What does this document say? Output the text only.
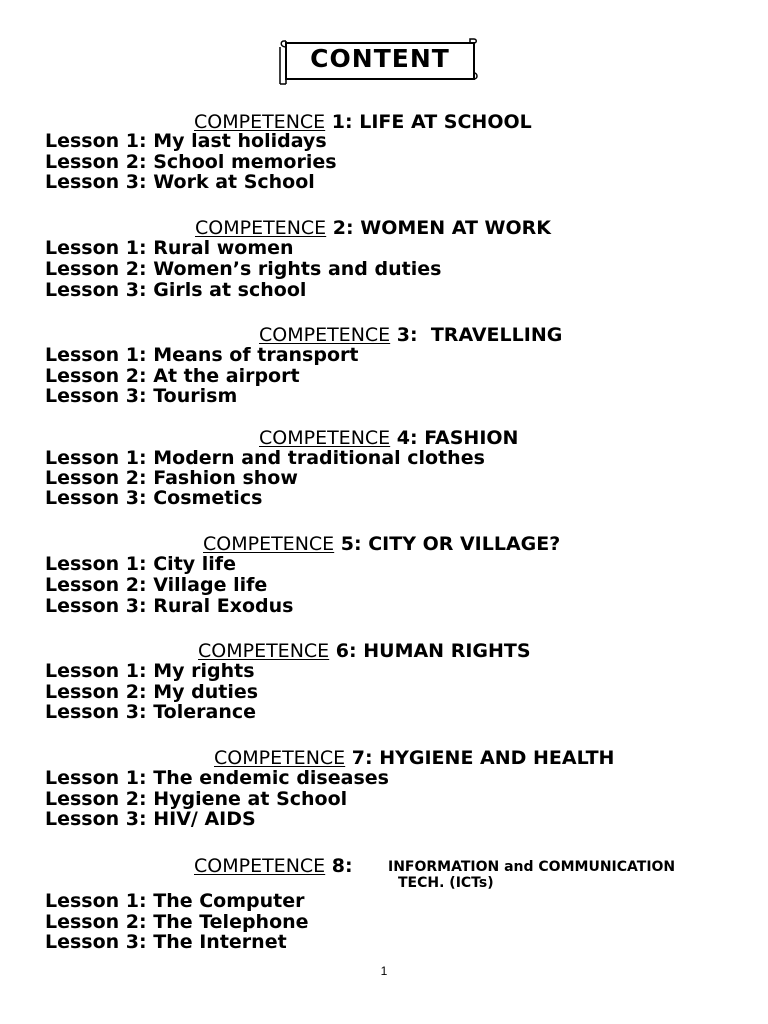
CONTENT
COMPETENCE 1: LIFE AT SCHOOL
Lesson 1: My last holidays
Lesson 2: School memories
Lesson 3: Work at School
COMPETENCE 2: WOMEN AT WORK
Lesson 1: Rural women
Lesson 2: Women’s rights and duties
Lesson 3: Girls at school
COMPETENCE 3:  TRAVELLING
Lesson 1: Means of transport
Lesson 2: At the airport
Lesson 3: Tourism
COMPETENCE 4: FASHION
Lesson 1: Modern and traditional clothes
Lesson 2: Fashion show
Lesson 3: Cosmetics
COMPETENCE 5: CITY OR VILLAGE?
Lesson 1: City life
Lesson 2: Village life
Lesson 3: Rural Exodus
COMPETENCE 6: HUMAN RIGHTS
Lesson 1: My rights
Lesson 2: My duties
Lesson 3: Tolerance
COMPETENCE 7: HYGIENE AND HEALTH
Lesson 1: The endemic diseases
Lesson 2: Hygiene at School
Lesson 3: HIV/ AIDS
COMPETENCE 8:	INFORMATION and COMMUNICATION
TECH. (ICTs)
Lesson 1: The Computer
Lesson 2: The Telephone
Lesson 3: The Internet
1
